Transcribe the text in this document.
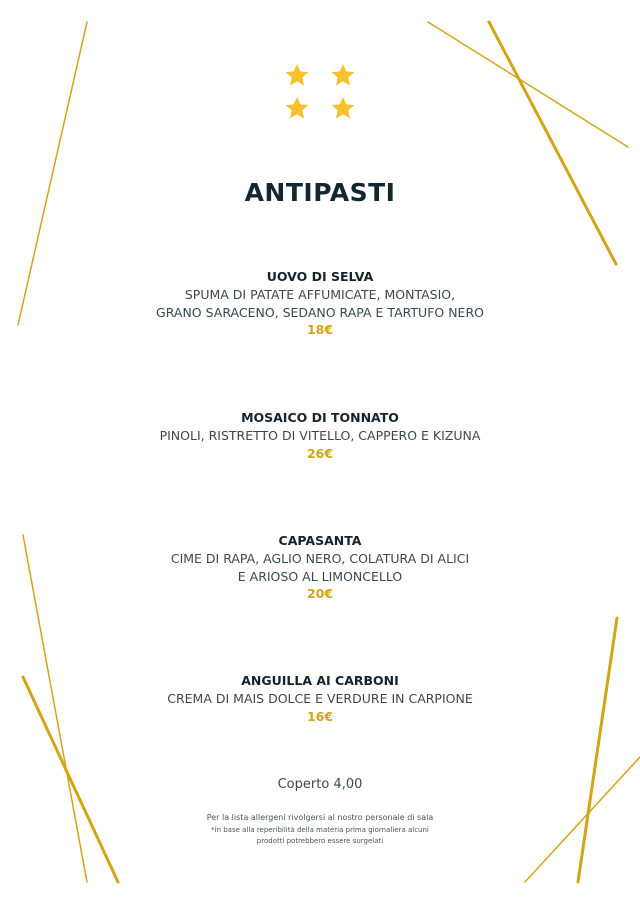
ANTIPASTI
UOVO DI SELVA
SPUMA DI PATATE AFFUMICATE, MONTASIO,
GRANO SARACENO, SEDANO RAPA E TARTUFO NERO
18€
MOSAICO DI TONNATO
PINOLI, RISTRETTO DI VITELLO, CAPPERO E KIZUNA
26€
CAPASANTA
CIME DI RAPA, AGLIO NERO, COLATURA DI ALICI
E ARIOSO AL LIMONCELLO
20€
ANGUILLA AI CARBONI
CREMA DI MAIS DOLCE E VERDURE IN CARPIONE
16€
Coperto 4,00
Per la lista allergeni rivolgersi al nostro personale di sala
*in base alla reperibilità della materia prima giornaliera alcuni
prodotti potrebbero essere surgelati
